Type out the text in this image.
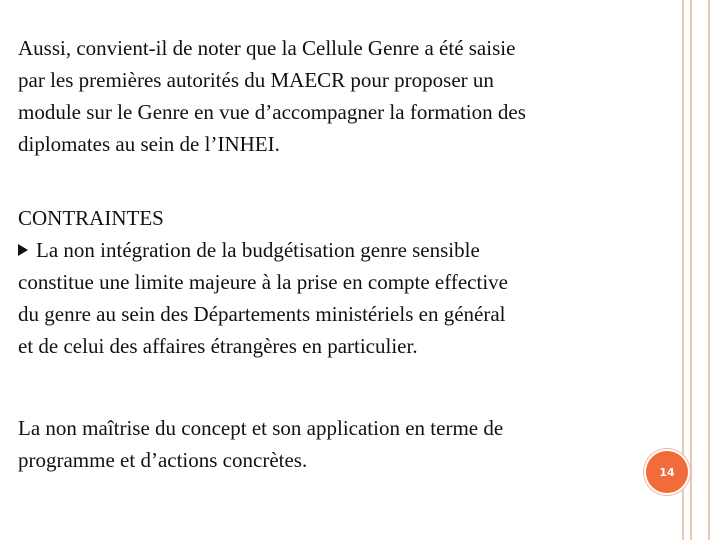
Aussi, convient-il de noter que la Cellule Genre a été saisie
par les premières autorités du MAECR pour proposer un
module sur le Genre en vue d’accompagner la formation des
diplomates au sein de l’INHEI.
CONTRAINTES
La non intégration de la budgétisation genre sensible
constitue une limite majeure à la prise en compte effective
du genre au sein des Départements ministériels en général
et de celui des affaires étrangères en particulier.
La non maîtrise du concept et son application en terme de
programme et d’actions concrètes.	14
